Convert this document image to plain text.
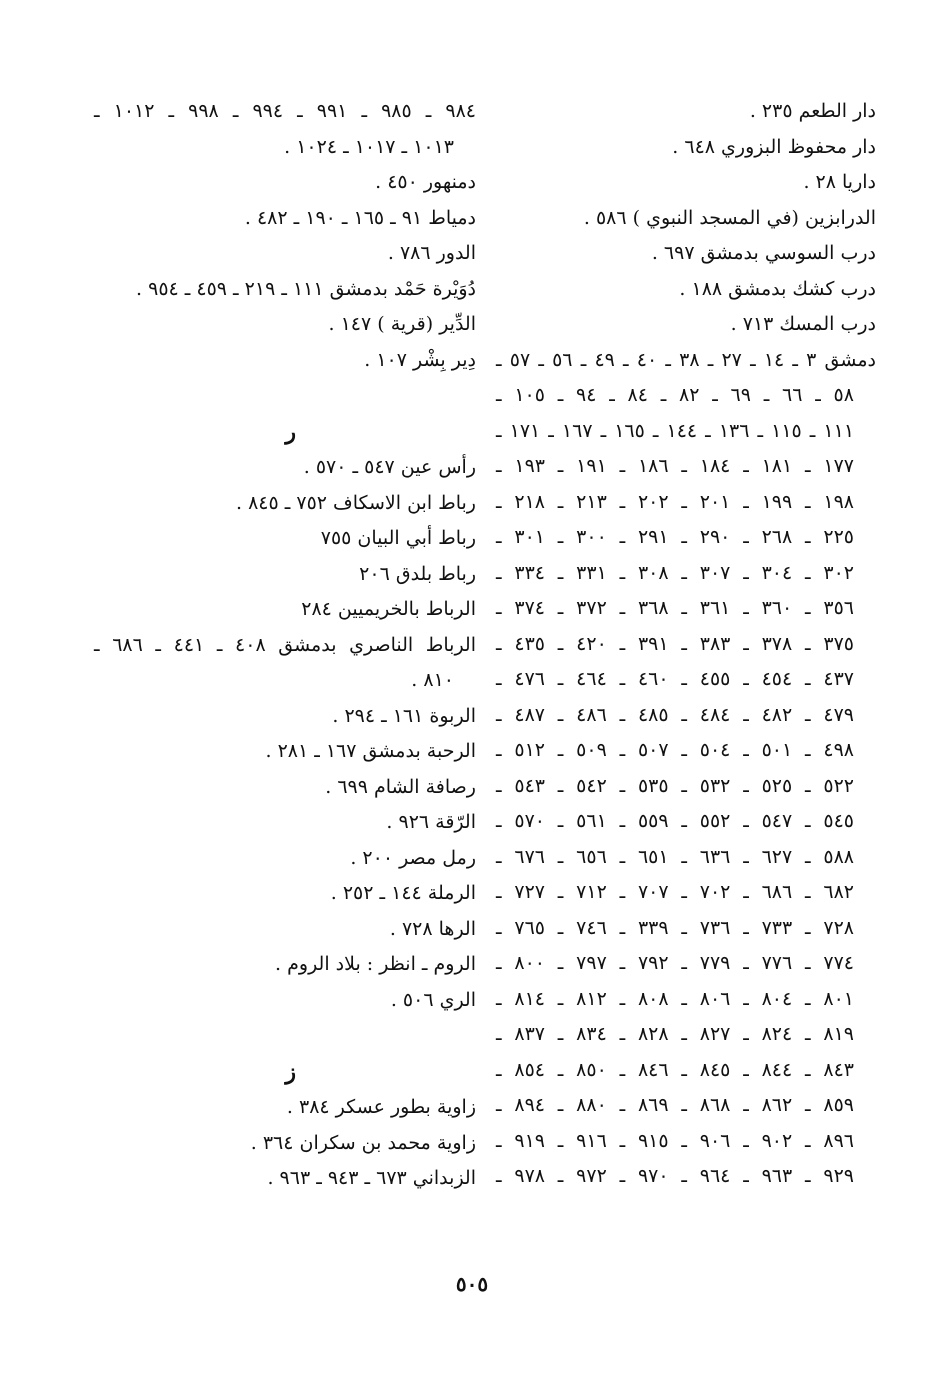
دار الطعم ٢٣٥ .
دار محفوظ البزوري ٦٤٨ .
داريا ٢٨ .
الدرابزين (في المسجد النبوي ) ٥٨٦ .
درب السوسي بدمشق ٦٩٧ .
درب كشك بدمشق ١٨٨ .
درب المسك ٧١٣ .
دمشق ٣ ـ ١٤ ـ ٢٧ ـ ٣٨ ـ ٤٠ ـ ٤٩ ـ ٥٦ ـ ٥٧ ـ
٥٨ ـ ٦٦ ـ ٦٩ ـ ٨٢ ـ ٨٤ ـ ٩٤ ـ ١٠٥ ـ
١١١ ـ ١١٥ ـ ١٣٦ ـ ١٤٤ ـ ١٦٥ ـ ١٦٧ ـ ١٧١ ـ
١٧٧ ـ ١٨١ ـ ١٨٤ ـ ١٨٦ ـ ١٩١ ـ ١٩٣ ـ
١٩٨ ـ ١٩٩ ـ ٢٠١ ـ ٢٠٢ ـ ٢١٣ ـ ٢١٨ ـ
٢٢٥ ـ ٢٦٨ ـ ٢٩٠ ـ ٢٩١ ـ ٣٠٠ ـ ٣٠١ ـ
٣٠٢ ـ ٣٠٤ ـ ٣٠٧ ـ ٣٠٨ ـ ٣٣١ ـ ٣٣٤ ـ
٣٥٦ ـ ٣٦٠ ـ ٣٦١ ـ ٣٦٨ ـ ٣٧٢ ـ ٣٧٤ ـ
٣٧٥ ـ ٣٧٨ ـ ٣٨٣ ـ ٣٩١ ـ ٤٢٠ ـ ٤٣٥ ـ
٤٣٧ ـ ٤٥٤ ـ ٤٥٥ ـ ٤٦٠ ـ ٤٦٤ ـ ٤٧٦ ـ
٤٧٩ ـ ٤٨٢ ـ ٤٨٤ ـ ٤٨٥ ـ ٤٨٦ ـ ٤٨٧ ـ
٤٩٨ ـ ٥٠١ ـ ٥٠٤ ـ ٥٠٧ ـ ٥٠٩ ـ ٥١٢ ـ
٥٢٢ ـ ٥٢٥ ـ ٥٣٢ ـ ٥٣٥ ـ ٥٤٢ ـ ٥٤٣ ـ
٥٤٥ ـ ٥٤٧ ـ ٥٥٢ ـ ٥٥٩ ـ ٥٦١ ـ ٥٧٠ ـ
٥٨٨ ـ ٦٢٧ ـ ٦٣٦ ـ ٦٥١ ـ ٦٥٦ ـ ٦٧٦ ـ
٦٨٢ ـ ٦٨٦ ـ ٧٠٢ ـ ٧٠٧ ـ ٧١٢ ـ ٧٢٧ ـ
٧٢٨ ـ ٧٣٣ ـ ٧٣٦ ـ ٣٣٩ ـ ٧٤٦ ـ ٧٦٥ ـ
٧٧٤ ـ ٧٧٦ ـ ٧٧٩ ـ ٧٩٢ ـ ٧٩٧ ـ ٨٠٠ ـ
٨٠١ ـ ٨٠٤ ـ ٨٠٦ ـ ٨٠٨ ـ ٨١٢ ـ ٨١٤ ـ
٨١٩ ـ ٨٢٤ ـ ٨٢٧ ـ ٨٢٨ ـ ٨٣٤ ـ ٨٣٧ ـ
٨٤٣ ـ ٨٤٤ ـ ٨٤٥ ـ ٨٤٦ ـ ٨٥٠ ـ ٨٥٤ ـ
٨٥٩ ـ ٨٦٢ ـ ٨٦٨ ـ ٨٦٩ ـ ٨٨٠ ـ ٨٩٤ ـ
٨٩٦ ـ ٩٠٢ ـ ٩٠٦ ـ ٩١٥ ـ ٩١٦ ـ ٩١٩ ـ
٩٢٩ ـ ٩٦٣ ـ ٩٦٤ ـ ٩٧٠ ـ ٩٧٢ ـ ٩٧٨ ـ
٩٨٤ ـ ٩٨٥ ـ ٩٩١ ـ ٩٩٤ ـ ٩٩٨ ـ ١٠١٢ ـ
١٠١٣ ـ ١٠١٧ ـ ١٠٢٤ .
دمنهور ٤٥٠ .
دمياط ٩١ ـ ١٦٥ ـ ١٩٠ ـ ٤٨٢ .
الدور ٧٨٦ .
دُوَيْرة حَمْد بدمشق ١١١ ـ ٢١٩ ـ ٤٥٩ ـ ٩٥٤ .
الدِّير (قرية ) ١٤٧ .
دِير بِشْر ١٠٧ .
ر
رأس عين ٥٤٧ ـ ٥٧٠ .
رباط ابن الاسكاف ٧٥٢ ـ ٨٤٥ .
رباط أبي البيان ٧٥٥
رباط بلدق ٢٠٦
الرباط بالخريميين ٢٨٤
الرباط الناصري بدمشق ٤٠٨ ـ ٤٤١ ـ ٦٨٦ ـ
٨١٠ .
الربوة ١٦١ ـ ٢٩٤ .
الرحبة بدمشق ١٦٧ ـ ٢٨١ .
رصافة الشام ٦٩٩ .
الرّقة ٩٢٦ .
رمل مصر ٢٠٠ .
الرملة ١٤٤ ـ ٢٥٢ .
الرها ٧٢٨ .
الروم ـ انظر : بلاد الروم .
الري ٥٠٦ .
ز
زاوية بطور عسكر ٣٨٤ .
زاوية محمد بن سكران ٣٦٤ .
الزبداني ٦٧٣ ـ ٩٤٣ ـ ٩٦٣ .
٥٠٥
